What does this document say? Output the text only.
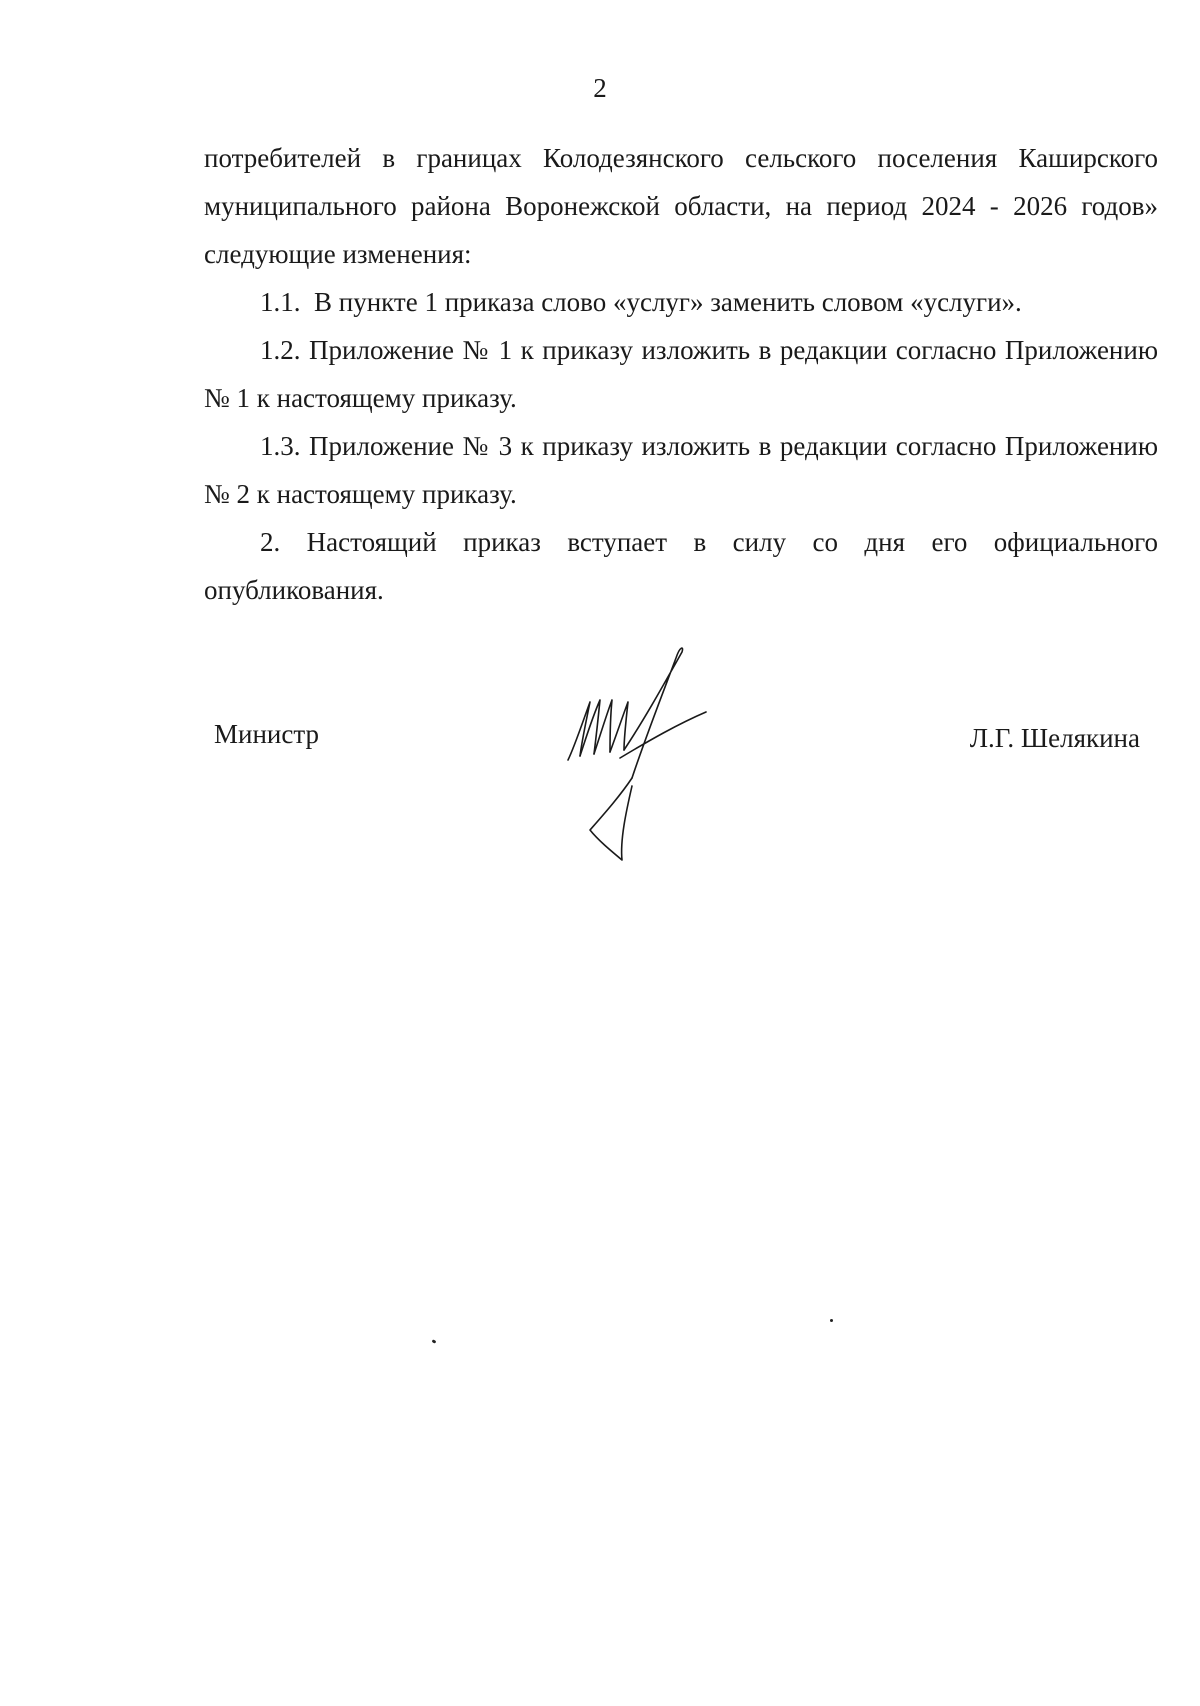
2

потребителей в границах Колодезянского сельского поселения Каширского муниципального района Воронежской области, на период 2024 - 2026 годов» следующие изменения:

1.1.  В пункте 1 приказа слово «услуг» заменить словом «услуги».

1.2. Приложение № 1 к приказу изложить в редакции согласно Приложению № 1 к настоящему приказу.

1.3. Приложение № 3 к приказу изложить в редакции согласно Приложению № 2 к настоящему приказу.

2. Настоящий приказ вступает в силу со дня его официального опубликования.

Министр	Л.Г. Шелякина
